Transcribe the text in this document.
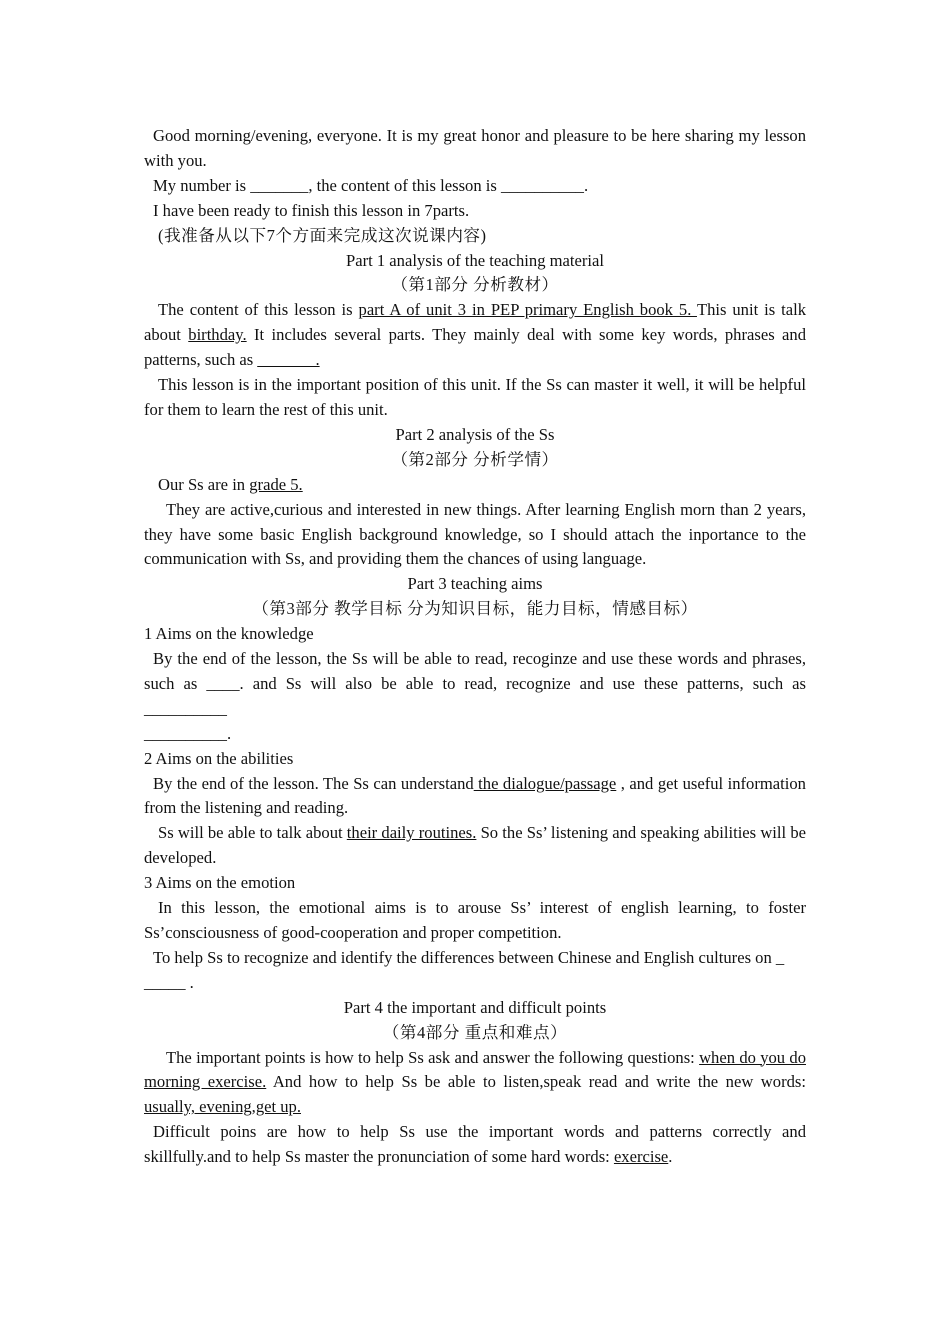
Good morning/evening, everyone. It is my great honor and pleasure to be here sharing my lesson with you.

My number is _______, the content of this lesson is __________.

I have been ready to finish this lesson in 7parts.

(我准备从以下7个方面来完成这次说课内容)

Part 1 analysis of the teaching material

（第1部分 分析教材）

The content of this lesson is part A of unit 3 in PEP primary English book 5. This unit is talk about birthday. It includes several parts. They mainly deal with some key words, phrases and patterns, such as _______.

This lesson is in the important position of this unit. If the Ss can master it well, it will be helpful for them to learn the rest of this unit.

Part 2 analysis of the Ss

（第2部分 分析学情）

Our Ss are in grade 5.

They are active,curious and interested in new things. After learning English morn than 2 years, they have some basic English background knowledge, so I should attach the inportance to the communication with Ss, and providing them the chances of using language.

Part 3 teaching aims

（第3部分 教学目标 分为知识目标，能力目标，情感目标）

1 Aims on the knowledge

By the end of the lesson, the Ss will be able to read, recoginze and use these words and phrases, such as ____. and Ss will also be able to read, recognize and use these patterns, such as __________

__________.

2 Aims on the abilities

By the end of the lesson. The Ss can understand the dialogue/passage , and get useful information from the listening and reading.

Ss will be able to talk about their daily routines. So the Ss’ listening and speaking abilities will be developed.

3 Aims on the emotion

In this lesson, the emotional aims is to arouse Ss’ interest of english learning, to foster Ss’consciousness of good-cooperation and proper competition.

To help Ss to recognize and identify the differences between Chinese and English cultures on _

_____ .

Part 4 the important and difficult points

（第4部分 重点和难点）

The important points is how to help Ss ask and answer the following questions: when do you do morning exercise. And how to help Ss be able to listen,speak read and write the new words: usually, evening,get up.

Difficult poins are how to help Ss use the important words and patterns correctly and skillfully.and to help Ss master the pronunciation of some hard words: exercise.
